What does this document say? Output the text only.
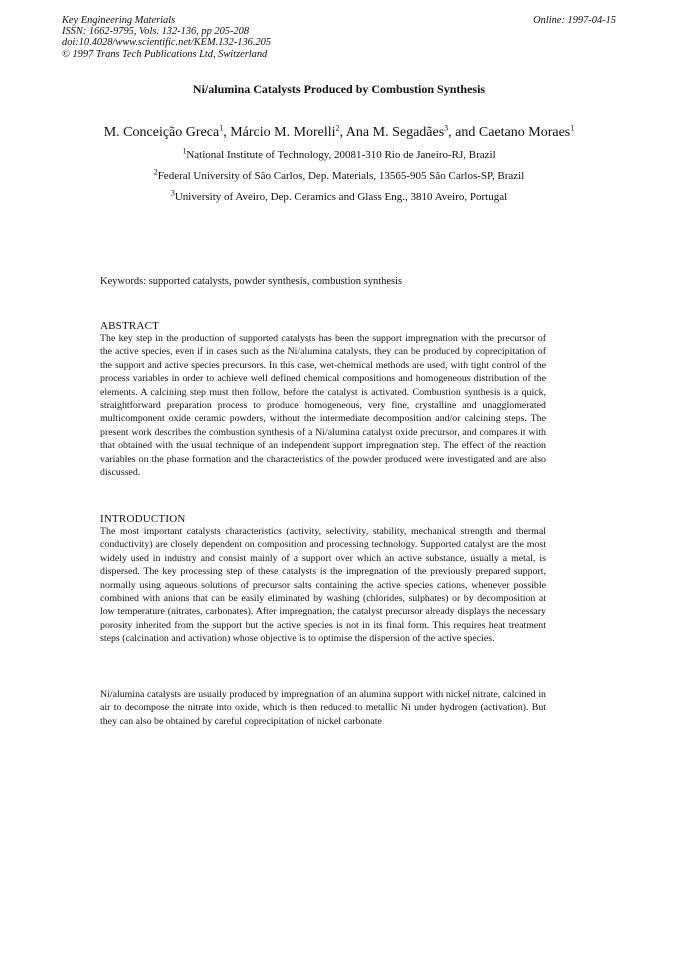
Key Engineering Materials
ISSN: 1662-9795, Vols. 132-136, pp 205-208
doi:10.4028/www.scientific.net/KEM.132-136.205
© 1997 Trans Tech Publications Ltd, Switzerland
Online: 1997-04-15
Ni/alumina Catalysts Produced by Combustion Synthesis
M. Conceição Greca$^1$, Márcio M. Morelli$^2$, Ana M. Segadães$^3$, and Caetano Moraes$^1$
$^1$National Institute of Technology, 20081-310 Rio de Janeiro-RJ, Brazil
$^2$Federal University of São Carlos, Dep. Materials, 13565-905 São Carlos-SP, Brazil
$^3$University of Aveiro, Dep. Ceramics and Glass Eng., 3810 Aveiro, Portugal
Keywords: supported catalysts, powder synthesis, combustion synthesis
ABSTRACT

The key step in the production of supported catalysts has been the support impregnation with the precursor of the active species, even if in cases such as the Ni/alumina catalysts, they can be produced by coprecipitation of the support and active species precursors. In this case, wet-chemical methods are used, with tight control of the process variables in order to achieve well defined chemical compositions and homogeneous distribution of the elements. A calcining step must then follow, before the catalyst is activated. Combustion synthesis is a quick, straightforward preparation process to produce homogeneous, very fine, crystalline and unagglomerated multicomponent oxide ceramic powders, without the intermediate decomposition and/or calcining steps. The present work describes the combustion synthesis of a Ni/alumina catalyst oxide precursor, and compares it with that obtained with the usual technique of an independent support impregnation step. The effect of the reaction variables on the phase formation and the characteristics of the powder produced were investigated and are also discussed.

INTRODUCTION

The most important catalysts characteristics (activity, selectivity, stability, mechanical strength and thermal conductivity) are closely dependent on composition and processing technology. Supported catalyst are the most widely used in industry and consist mainly of a support over which an active substance, usually a metal, is dispersed. The key processing step of these catalysts is the impregnation of the previously prepared support, normally using aqueous solutions of precursor salts containing the active species cations, whenever possible combined with anions that can be easily eliminated by washing (chlorides, sulphates) or by decomposition at low temperature (nitrates, carbonates). After impregnation, the catalyst precursor already displays the necessary porosity inherited from the support but the active species is not in its final form. This requires heat treatment steps (calcination and activation) whose objective is to optimise the dispersion of the active species.

Ni/alumina catalysts are usually produced by impregnation of an alumina support with nickel nitrate, calcined in air to decompose the nitrate into oxide, which is then reduced to metallic Ni under hydrogen (activation). But they can also be obtained by careful coprecipitation of nickel carbonate
